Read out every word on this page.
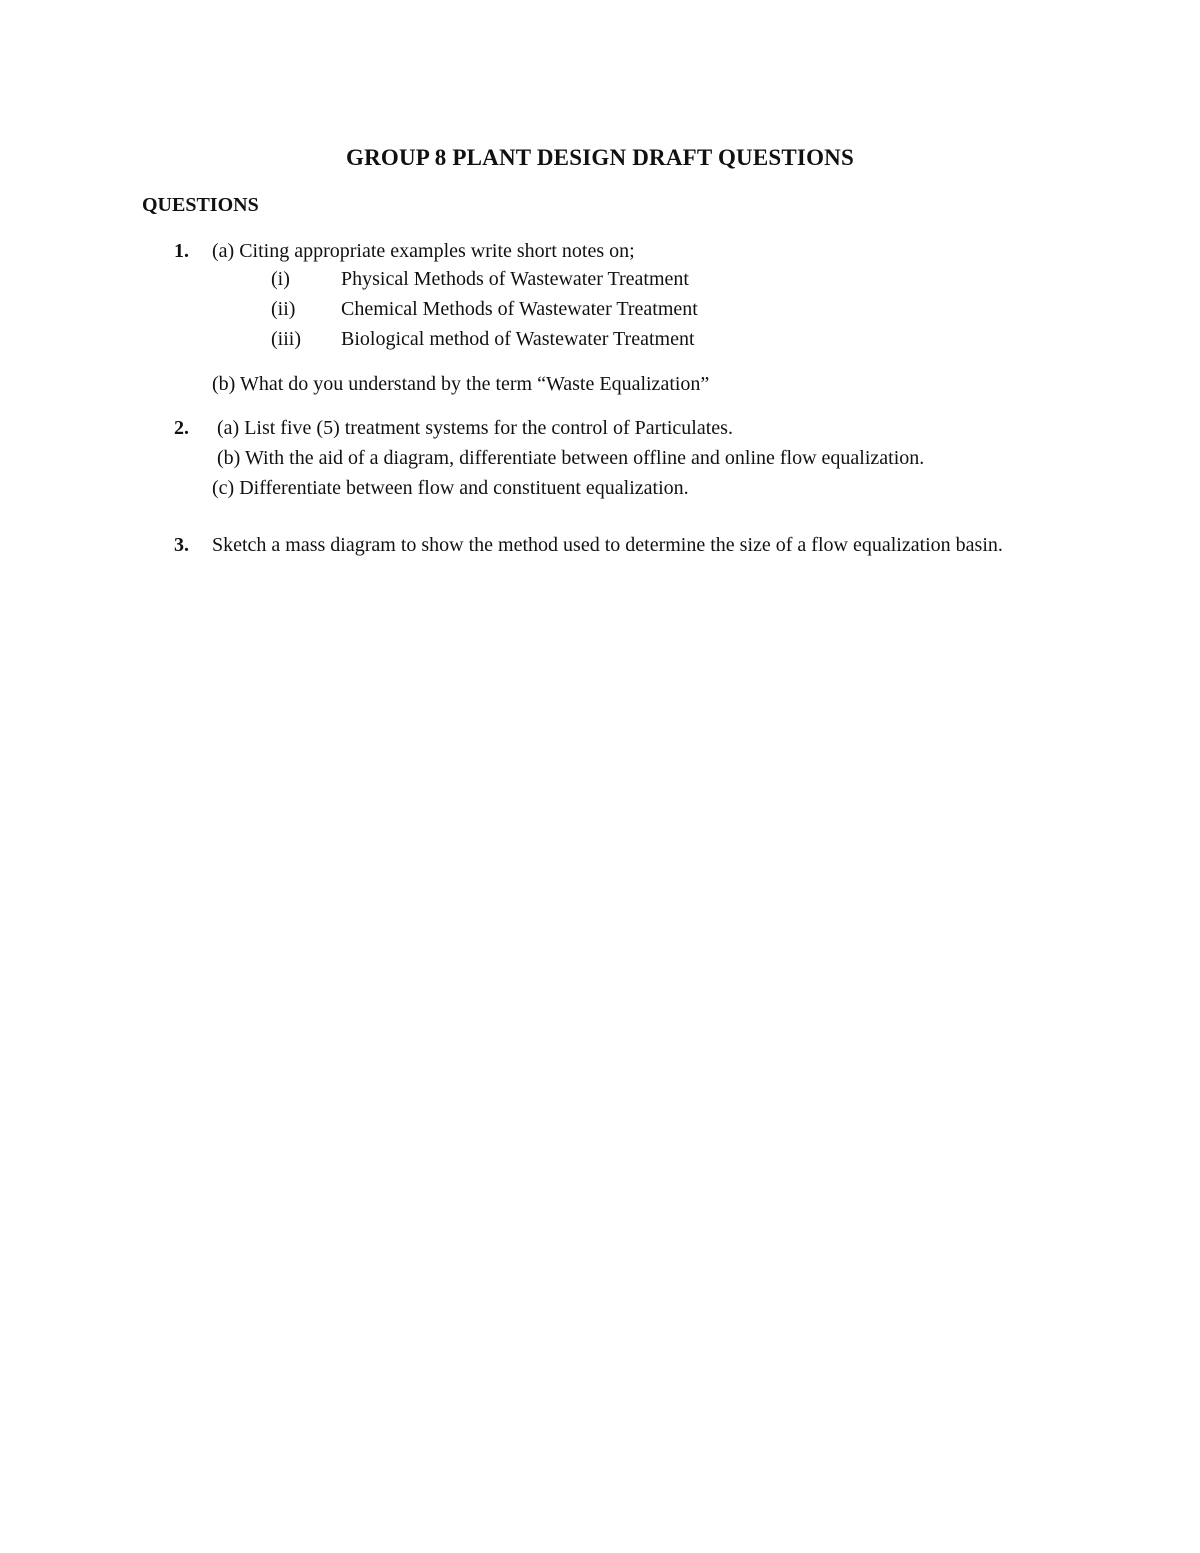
GROUP 8 PLANT DESIGN DRAFT QUESTIONS
QUESTIONS
1. (a) Citing appropriate examples write short notes on;
(i)	Physical Methods of Wastewater Treatment
(ii) Chemical Methods of Wastewater Treatment
(iii) Biological method of Wastewater Treatment
(b) What do you understand by the term “Waste Equalization”
2. (a) List five (5) treatment systems for the control of Particulates.
(b) With the aid of a diagram, differentiate between offline and online flow equalization.
(c) Differentiate between flow and constituent equalization.
3. Sketch a mass diagram to show the method used to determine the size of a flow equalization basin.
